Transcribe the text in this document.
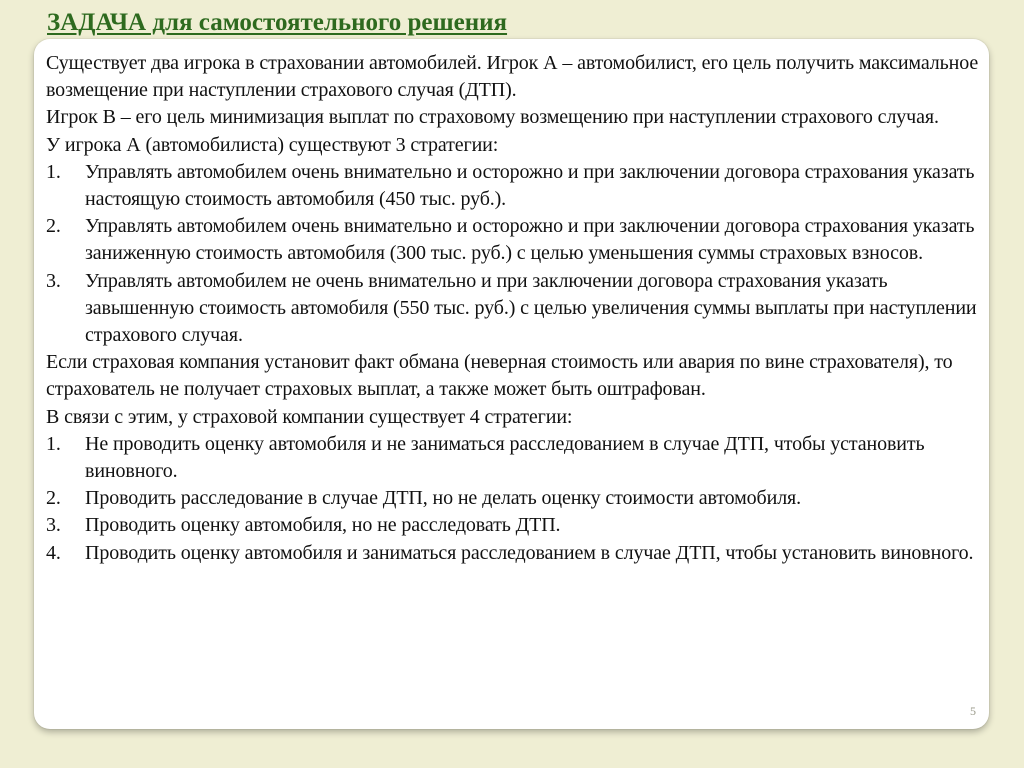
ЗАДАЧА для самостоятельного решения

Существует два игрока в страховании автомобилей. Игрок А – автомобилист, его цель получить максимальное возмещение при наступлении страхового случая (ДТП).

Игрок В – его цель минимизация выплат по страховому возмещению при наступлении страхового случая.

У игрока А (автомобилиста) существуют 3 стратегии:

1. Управлять автомобилем очень внимательно и осторожно и при заключении договора страхования указать настоящую стоимость автомобиля (450 тыс. руб.).
2. Управлять автомобилем очень внимательно и осторожно и при заключении договора страхования указать заниженную стоимость автомобиля (300 тыс. руб.) с целью уменьшения суммы страховых взносов.
3. Управлять автомобилем не очень внимательно и при заключении договора страхования указать завышенную стоимость автомобиля (550 тыс. руб.) с целью увеличения суммы выплаты при наступлении страхового случая.

Если страховая компания установит факт обмана (неверная стоимость или авария по вине страхователя), то страхователь не получает страховых выплат, а также может быть оштрафован.

В связи с этим, у страховой компании существует 4 стратегии:

1. Не проводить оценку автомобиля и не заниматься расследованием в случае ДТП, чтобы установить виновного.
2. Проводить расследование в случае ДТП, но не делать оценку стоимости автомобиля.
3. Проводить оценку автомобиля, но не расследовать ДТП.
4. Проводить оценку автомобиля и заниматься расследованием в случае ДТП, чтобы установить виновного.
5
